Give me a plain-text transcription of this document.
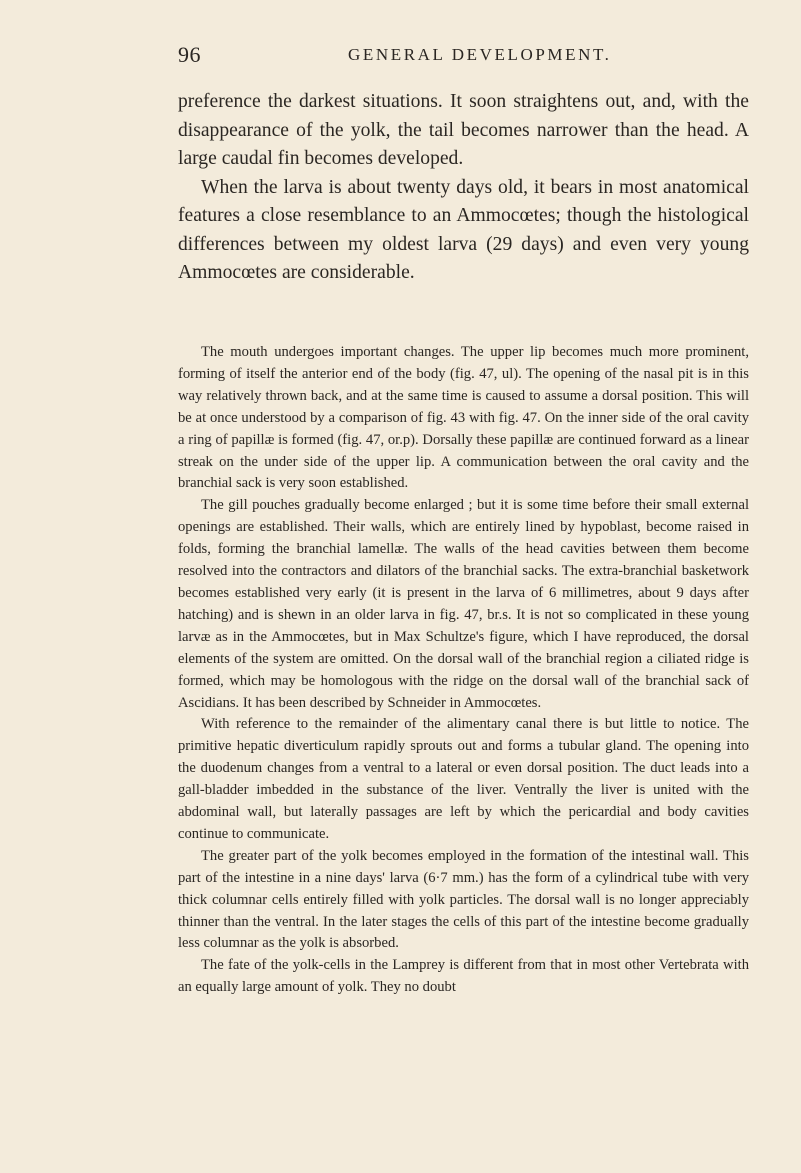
96	GENERAL DEVELOPMENT.

preference the darkest situations. It soon straightens out, and, with the disappearance of the yolk, the tail becomes narrower than the head. A large caudal fin becomes developed.

When the larva is about twenty days old, it bears in most anatomical features a close resemblance to an Ammocœtes; though the histological differences between my oldest larva (29 days) and even very young Ammocœtes are considerable.

The mouth undergoes important changes. The upper lip becomes much more prominent, forming of itself the anterior end of the body (fig. 47, ul). The opening of the nasal pit is in this way relatively thrown back, and at the same time is caused to assume a dorsal position. This will be at once understood by a comparison of fig. 43 with fig. 47. On the inner side of the oral cavity a ring of papillæ is formed (fig. 47, or.p). Dorsally these papillæ are continued forward as a linear streak on the under side of the upper lip. A communication between the oral cavity and the branchial sack is very soon established.

The gill pouches gradually become enlarged ; but it is some time before their small external openings are established. Their walls, which are entirely lined by hypoblast, become raised in folds, forming the branchial lamellæ. The walls of the head cavities between them become resolved into the contractors and dilators of the branchial sacks. The extra-branchial basketwork becomes established very early (it is present in the larva of 6 millimetres, about 9 days after hatching) and is shewn in an older larva in fig. 47, br.s. It is not so complicated in these young larvæ as in the Ammocœtes, but in Max Schultze's figure, which I have reproduced, the dorsal elements of the system are omitted. On the dorsal wall of the branchial region a ciliated ridge is formed, which may be homologous with the ridge on the dorsal wall of the branchial sack of Ascidians. It has been described by Schneider in Ammocœtes.

With reference to the remainder of the alimentary canal there is but little to notice. The primitive hepatic diverticulum rapidly sprouts out and forms a tubular gland. The opening into the duodenum changes from a ventral to a lateral or even dorsal position. The duct leads into a gall-bladder imbedded in the substance of the liver. Ventrally the liver is united with the abdominal wall, but laterally passages are left by which the pericardial and body cavities continue to communicate.

The greater part of the yolk becomes employed in the formation of the intestinal wall. This part of the intestine in a nine days' larva (6·7 mm.) has the form of a cylindrical tube with very thick columnar cells entirely filled with yolk particles. The dorsal wall is no longer appreciably thinner than the ventral. In the later stages the cells of this part of the intestine become gradually less columnar as the yolk is absorbed.

The fate of the yolk-cells in the Lamprey is different from that in most other Vertebrata with an equally large amount of yolk. They no doubt
